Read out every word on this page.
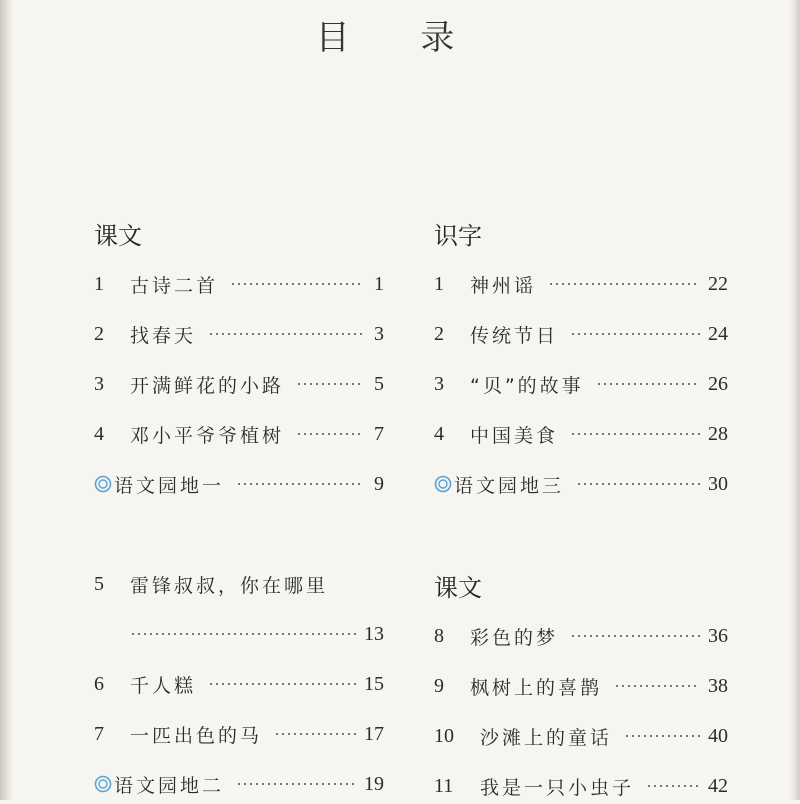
目 录
课文
1	古诗二首	1
2	找春天	3
3	开满鲜花的小路	5
4	邓小平爷爷植树	7
语文园地一	9
5	雷锋叔叔，你在哪里
13
6	千人糕	15
7	一匹出色的马	17
语文园地二	19
识字
1	神州谣	22
2	传统节日	24
3	“贝”的故事	26
4	中国美食	28
语文园地三	30
课文
8	彩色的梦	36
9	枫树上的喜鹊	38
10	沙滩上的童话	40
11	我是一只小虫子	42
